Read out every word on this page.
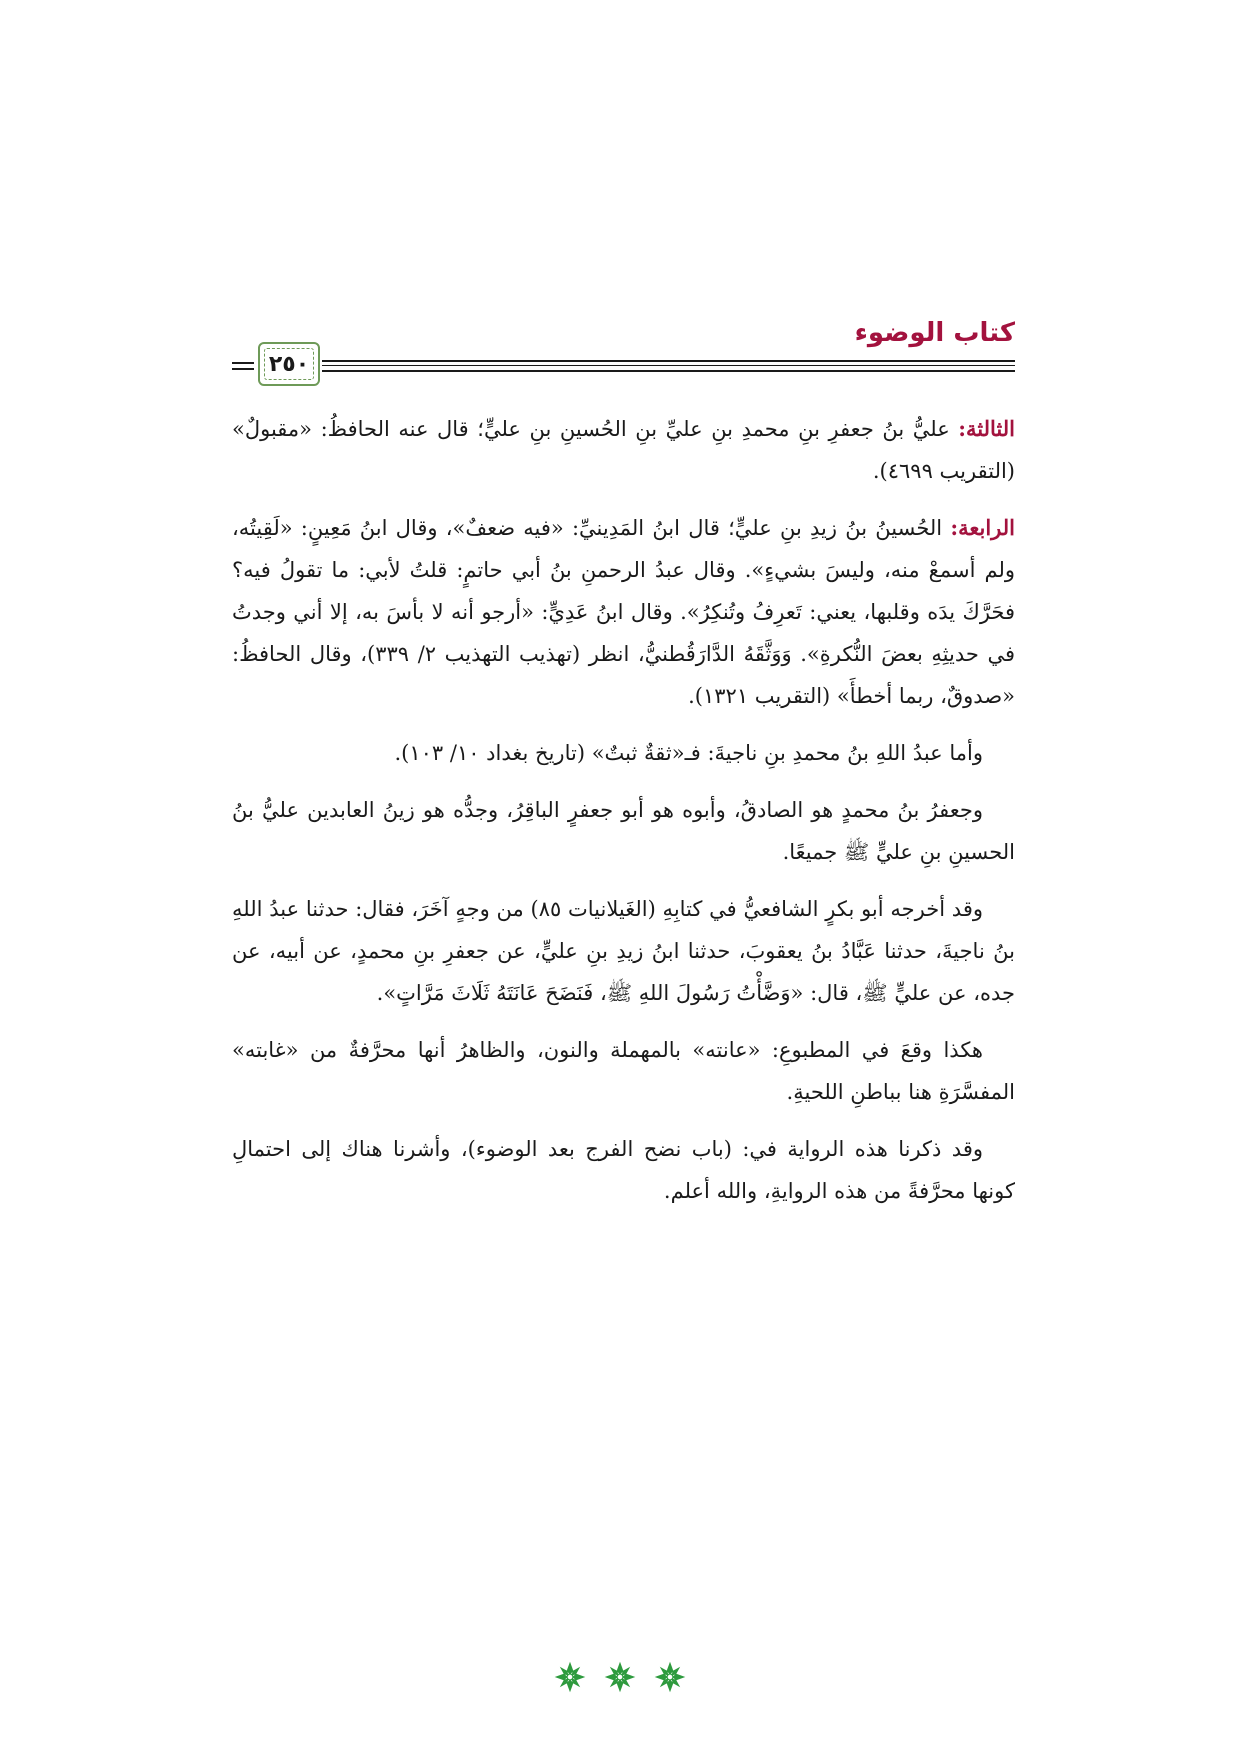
كتاب الوضوء
٢٥٠

الثالثة: عليُّ بنُ جعفرِ بنِ محمدِ بنِ عليِّ بنِ الحُسينِ بنِ عليٍّ؛ قال عنه الحافظُ: «مقبولٌ» (التقريب ٤٦٩٩).

الرابعة: الحُسينُ بنُ زيدِ بنِ عليٍّ؛ قال ابنُ المَدِينيِّ: «فيه ضعفٌ»، وقال ابنُ مَعِينٍ: «لَقِيتُه، ولم أسمعْ منه، وليسَ بشيءٍ». وقال عبدُ الرحمنِ بنُ أبي حاتمٍ: قلتُ لأبي: ما تقولُ فيه؟ فحَرَّكَ يدَه وقلبها، يعني: تَعرِفُ وتُنكِرُ». وقال ابنُ عَدِيٍّ: «أرجو أنه لا بأسَ به، إلا أني وجدتُ في حديثِهِ بعضَ النُّكرةِ». وَوَثَّقَهُ الدَّارَقُطنيُّ، انظر (تهذيب التهذيب ٢/ ٣٣٩)، وقال الحافظُ: «صدوقٌ، ربما أخطأَ» (التقريب ١٣٢١).

وأما عبدُ اللهِ بنُ محمدِ بنِ ناجيةَ: فـ«ثقةٌ ثبتٌ» (تاريخ بغداد ١٠/ ١٠٣).

وجعفرُ بنُ محمدٍ هو الصادقُ، وأبوه هو أبو جعفرٍ الباقِرُ، وجدُّه هو زينُ العابدين عليُّ بنُ الحسينِ بنِ عليٍّ ﷺ جميعًا.

وقد أخرجه أبو بكرٍ الشافعيُّ في كتابِهِ (الغَيلانيات ٨٥) من وجهٍ آخَرَ، فقال: حدثنا عبدُ اللهِ بنُ ناجيةَ، حدثنا عَبَّادُ بنُ يعقوبَ، حدثنا ابنُ زيدِ بنِ عليٍّ، عن جعفرِ بنِ محمدٍ، عن أبيه، عن جده، عن عليٍّ ﷺ، قال: «وَضَّأْتُ رَسُولَ اللهِ ﷺ، فَنَضَحَ عَانَتَهُ ثَلَاثَ مَرَّاتٍ».

هكذا وقعَ في المطبوعِ: «عانته» بالمهملة والنون، والظاهرُ أنها محرَّفةٌ من «غابته» المفسَّرَةِ هنا بباطنِ اللحيةِ.

وقد ذكرنا هذه الرواية في: (باب نضح الفرج بعد الوضوء)، وأشرنا هناك إلى احتمالِ كونها محرَّفةً من هذه الروايةِ، والله أعلم.
